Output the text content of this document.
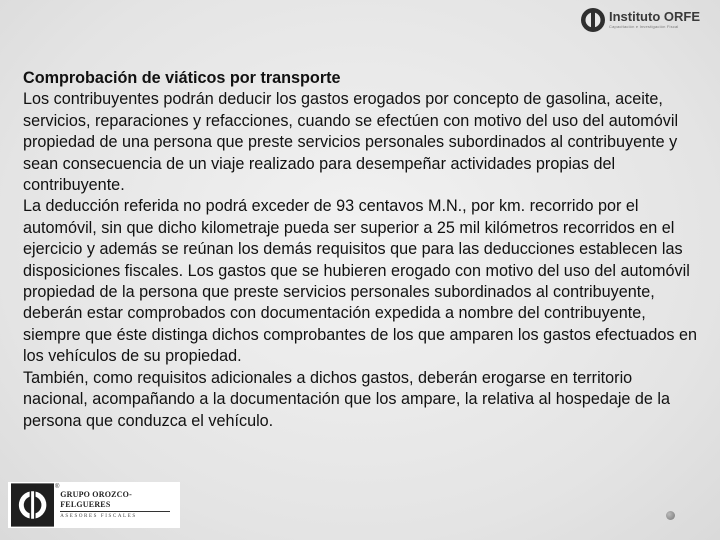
Instituto ORFE
Capacitación e Investigación Fiscal

Comprobación de viáticos por transporte

Los contribuyentes podrán deducir los gastos erogados por concepto de gasolina, aceite, servicios, reparaciones y refacciones, cuando se efectúen con motivo del uso del automóvil propiedad de una persona que preste servicios personales subordinados al contribuyente y sean consecuencia de un viaje realizado para desempeñar actividades propias del contribuyente.

La deducción referida no podrá exceder de 93 centavos M.N., por km. recorrido por el automóvil, sin que dicho kilometraje pueda ser superior a 25 mil kilómetros recorridos en el ejercicio y además se reúnan los demás requisitos que para las deducciones establecen las disposiciones fiscales. Los gastos que se hubieren erogado con motivo del uso del automóvil propiedad de la persona que preste servicios personales subordinados al contribuyente, deberán estar comprobados con documentación expedida a nombre del contribuyente, siempre que éste distinga dichos comprobantes de los que amparen los gastos efectuados en los vehículos de su propiedad.

También, como requisitos adicionales a dichos gastos, deberán erogarse en territorio nacional, acompañando a la documentación que los ampare, la relativa al hospedaje de la persona que conduzca el vehículo.

®
GRUPO OROZCO-FELGUERES
ASESORES FISCALES
